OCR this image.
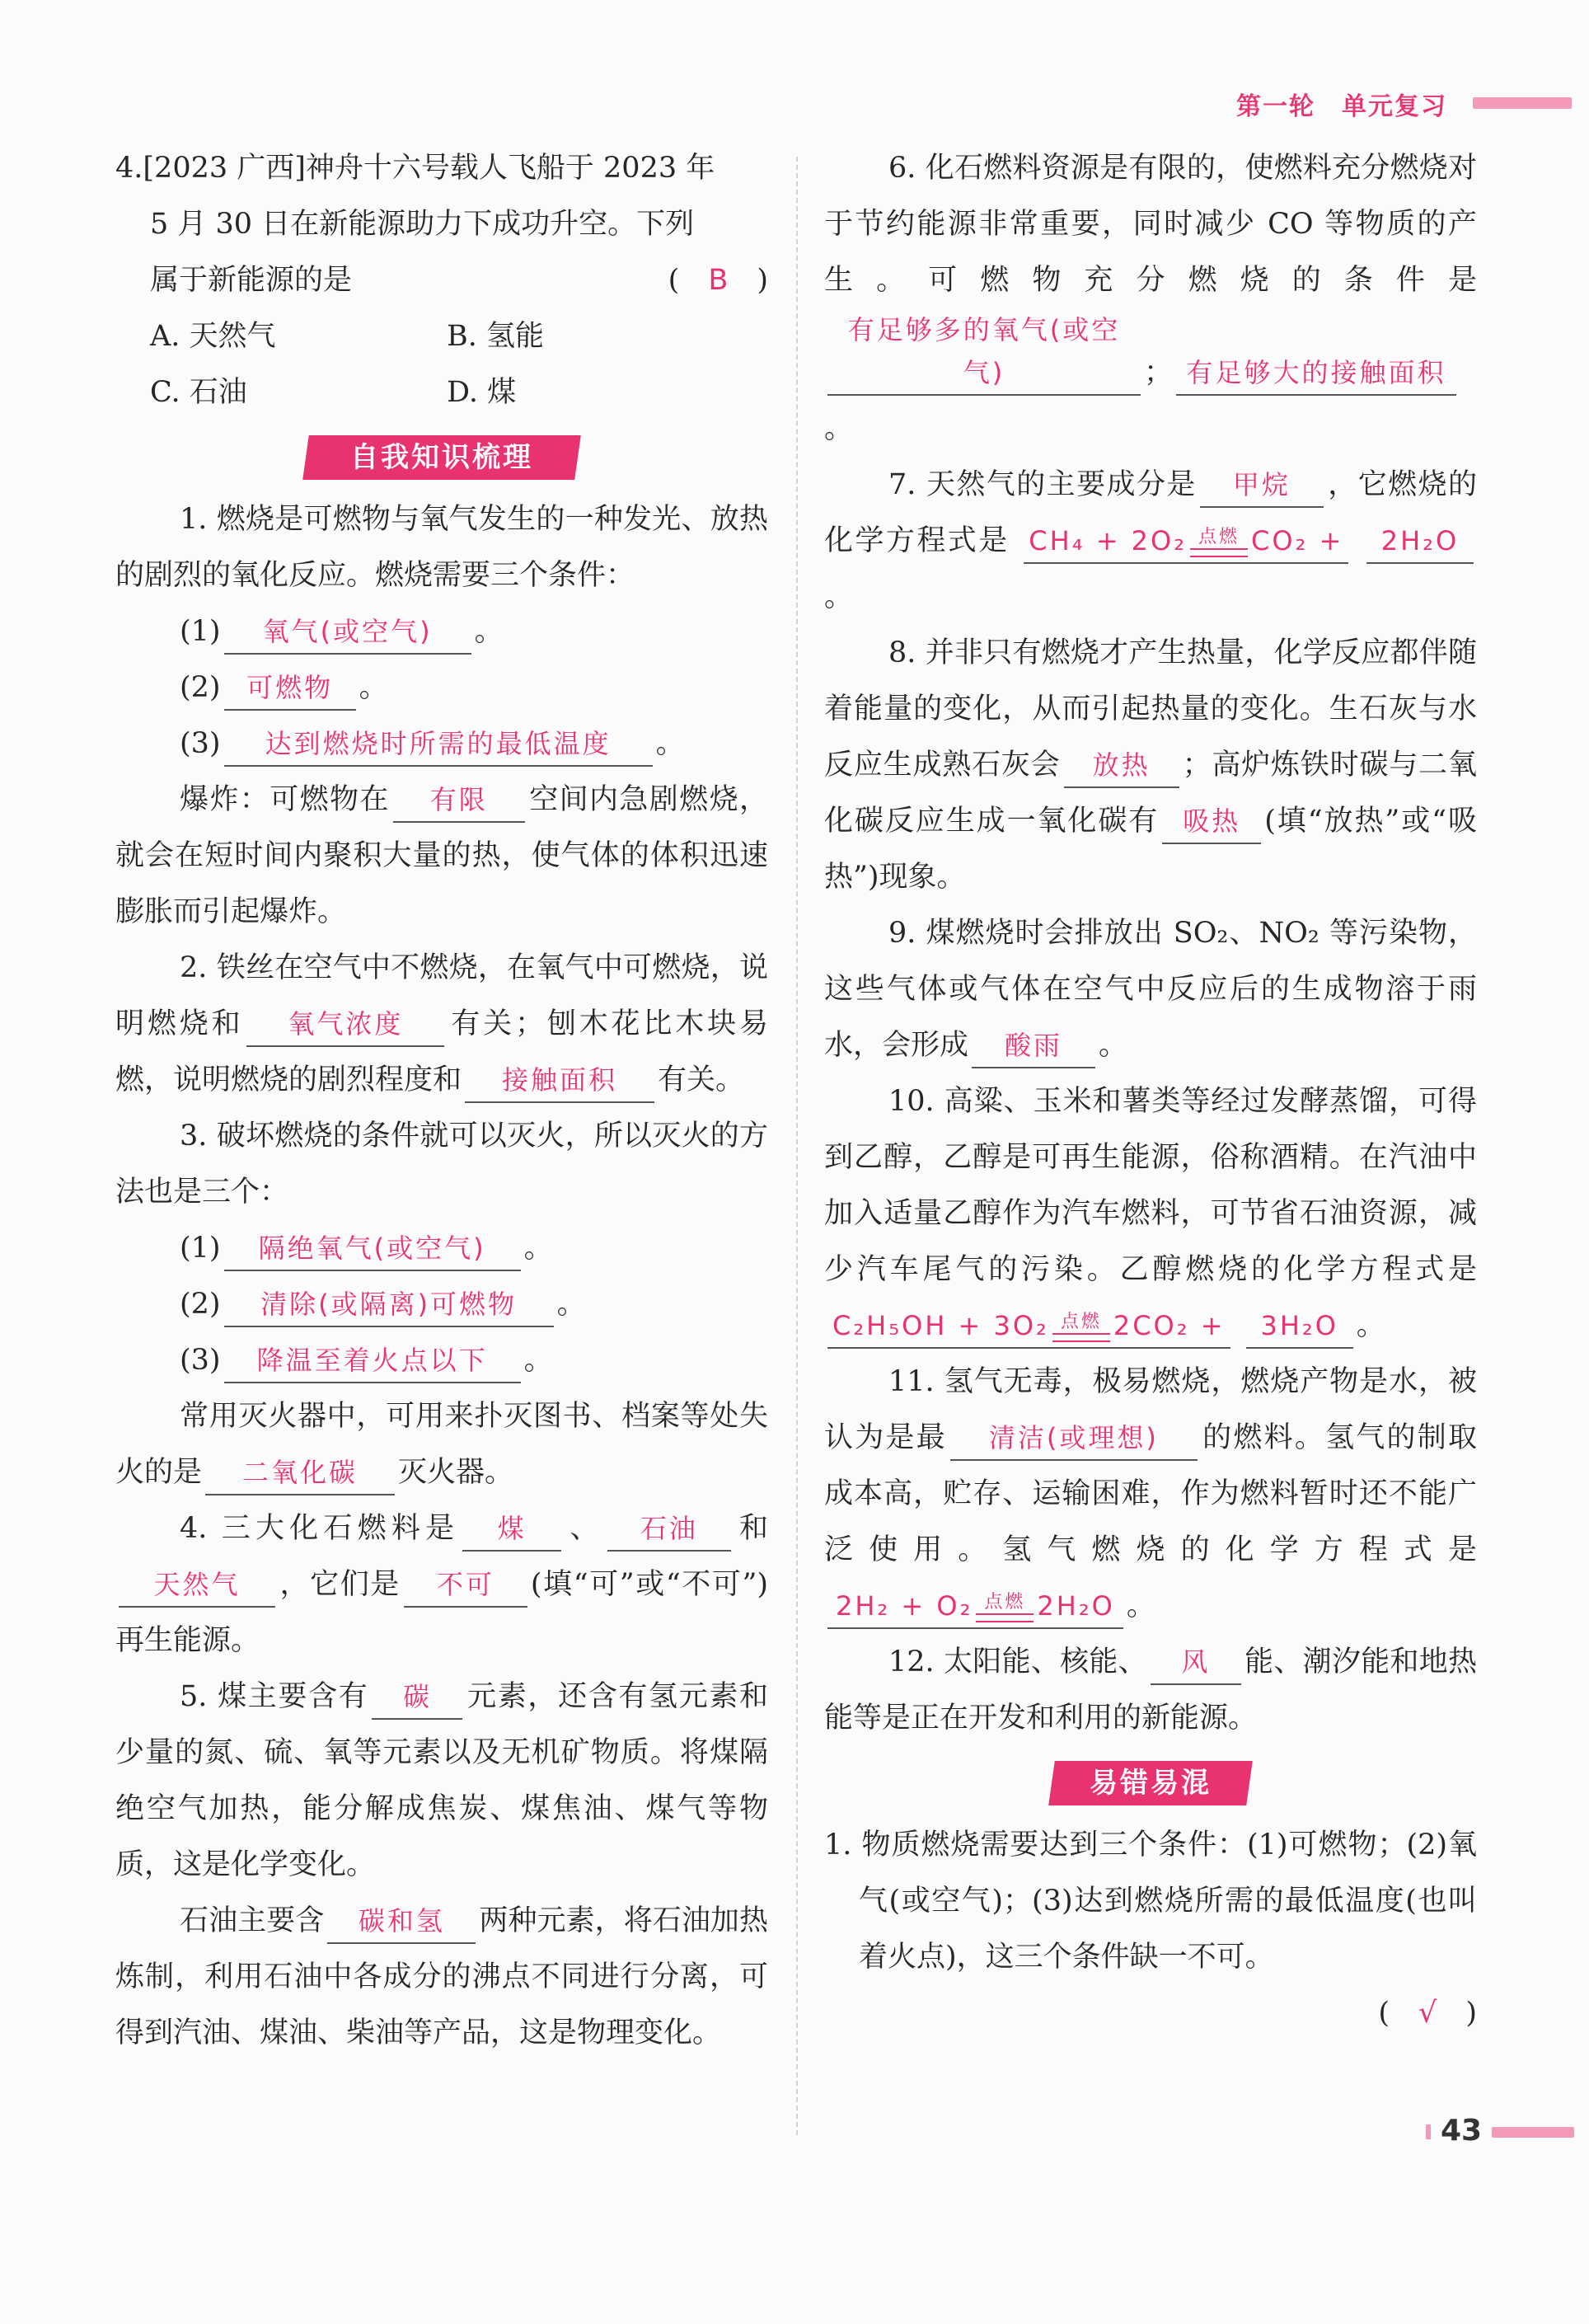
第一轮　单元复习
4.[2023 广西]神舟十六号载人飞船于 2023 年
5 月 30 日在新能源助力下成功升空。下列
属于新能源的是	(　B　)
A. 天然气	B. 氢能
C. 石油	D. 煤
自我知识梳理
1. 燃烧是可燃物与氧气发生的一种发光、放热的剧烈的氧化反应。燃烧需要三个条件：
(1) 氧气(或空气) 。
(2) 可燃物 。
(3) 达到燃烧时所需的最低温度 。
爆炸：可燃物在 有限 空间内急剧燃烧，就会在短时间内聚积大量的热，使气体的体积迅速膨胀而引起爆炸。
2. 铁丝在空气中不燃烧，在氧气中可燃烧，说明燃烧和 氧气浓度 有关；刨木花比木块易燃，说明燃烧的剧烈程度和 接触面积 有关。
3. 破坏燃烧的条件就可以灭火，所以灭火的方法也是三个：
(1) 隔绝氧气(或空气) 。
(2) 清除(或隔离)可燃物 。
(3) 降温至着火点以下 。
常用灭火器中，可用来扑灭图书、档案等处失火的是 二氧化碳 灭火器。
4. 三大化石燃料是 煤 、 石油 和天然气 ，它们是 不可 (填“可”或“不可”)再生能源。
5. 煤主要含有 碳 元素，还含有氢元素和少量的氮、硫、氧等元素以及无机矿物质。将煤隔绝空气加热，能分解成焦炭、煤焦油、煤气等物质，这是化学变化。
石油主要含 碳和氢 两种元素，将石油加热炼制，利用石油中各成分的沸点不同进行分离，可得到汽油、煤油、柴油等产品，这是物理变化。
6. 化石燃料资源是有限的，使燃料充分燃烧对于节约能源非常重要，同时减少 CO 等物质的产生。可燃物充分燃烧的条件是有足够多的氧气(或空气)	； 有足够大的接触面积。
7. 天然气的主要成分是 甲烷 ，它燃烧的化学方程式是 CH₄ + 2O₂ 点燃 CO₂ + 2H₂O。
8. 并非只有燃烧才产生热量，化学反应都伴随着能量的变化，从而引起热量的变化。生石灰与水反应生成熟石灰会 放热 ；高炉炼铁时碳与二氧化碳反应生成一氧化碳有 吸热 (填“放热”或“吸热”)现象。
9. 煤燃烧时会排放出 SO₂、NO₂ 等污染物，这些气体或气体在空气中反应后的生成物溶于雨水，会形成 酸雨 。
10. 高粱、玉米和薯类等经过发酵蒸馏，可得到乙醇，乙醇是可再生能源，俗称酒精。在汽油中加入适量乙醇作为汽车燃料，可节省石油资源，减少汽车尾气的污染。乙醇燃烧的化学方程式是 C₂H₅OH + 3O₂ 点燃 2CO₂ + 3H₂O 。
11. 氢气无毒，极易燃烧，燃烧产物是水，被认为是最 清洁(或理想) 的燃料。氢气的制取成本高，贮存、运输困难，作为燃料暂时还不能广泛使用。氢气燃烧的化学方程式是 2H₂ + O₂ 点燃 2H₂O 。
12. 太阳能、核能、 风 能、潮汐能和地热能等是正在开发和利用的新能源。
易错易混
1. 物质燃烧需要达到三个条件：(1)可燃物；(2)氧气(或空气)；(3)达到燃烧所需的最低温度(也叫着火点)，这三个条件缺一不可。
(　√　)
43
